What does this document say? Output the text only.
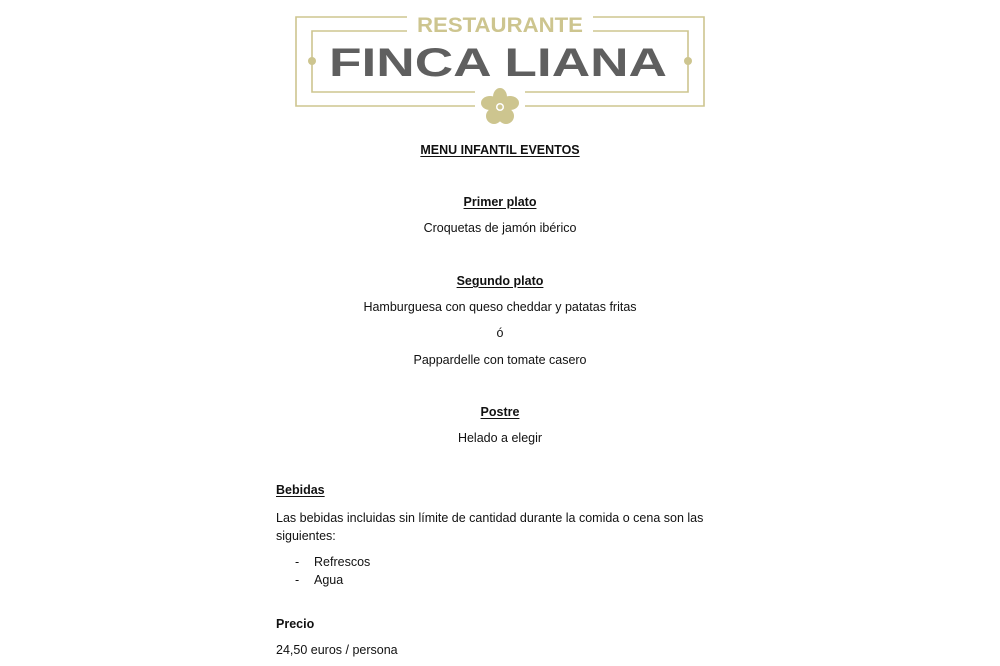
RESTAURANTE
FINCA LIANA
MENU INFANTIL EVENTOS
Primer plato
Croquetas de jamón ibérico
Segundo plato
Hamburguesa con queso cheddar y patatas fritas
ó
Pappardelle con tomate casero
Postre
Helado a elegir
Bebidas
Las bebidas incluidas sin límite de cantidad durante la comida o cena son las siguientes:
- Refrescos
- Agua
Precio
24,50 euros / persona
